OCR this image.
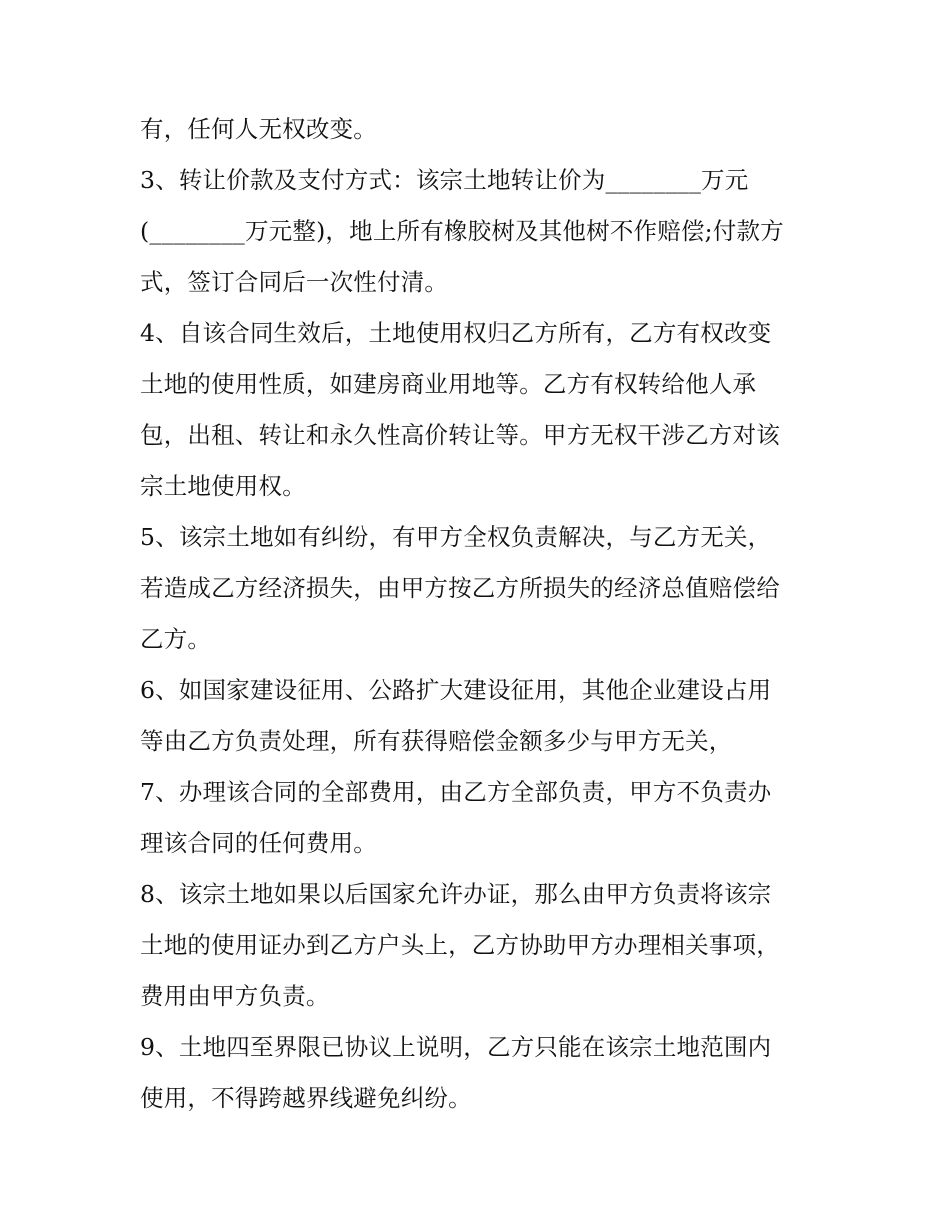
有，任何人无权改变。
3、转让价款及支付方式：该宗土地转让价为________万元
(________万元整)，地上所有橡胶树及其他树不作赔偿;付款方
式，签订合同后一次性付清。
4、自该合同生效后，土地使用权归乙方所有，乙方有权改变
土地的使用性质，如建房商业用地等。乙方有权转给他人承
包，出租、转让和永久性高价转让等。甲方无权干涉乙方对该
宗土地使用权。
5、该宗土地如有纠纷，有甲方全权负责解决，与乙方无关，
若造成乙方经济损失，由甲方按乙方所损失的经济总值赔偿给
乙方。
6、如国家建设征用、公路扩大建设征用，其他企业建设占用
等由乙方负责处理，所有获得赔偿金额多少与甲方无关，
7、办理该合同的全部费用，由乙方全部负责，甲方不负责办
理该合同的任何费用。
8、该宗土地如果以后国家允许办证，那么由甲方负责将该宗
土地的使用证办到乙方户头上，乙方协助甲方办理相关事项，
费用由甲方负责。
9、土地四至界限已协议上说明，乙方只能在该宗土地范围内
使用，不得跨越界线避免纠纷。
